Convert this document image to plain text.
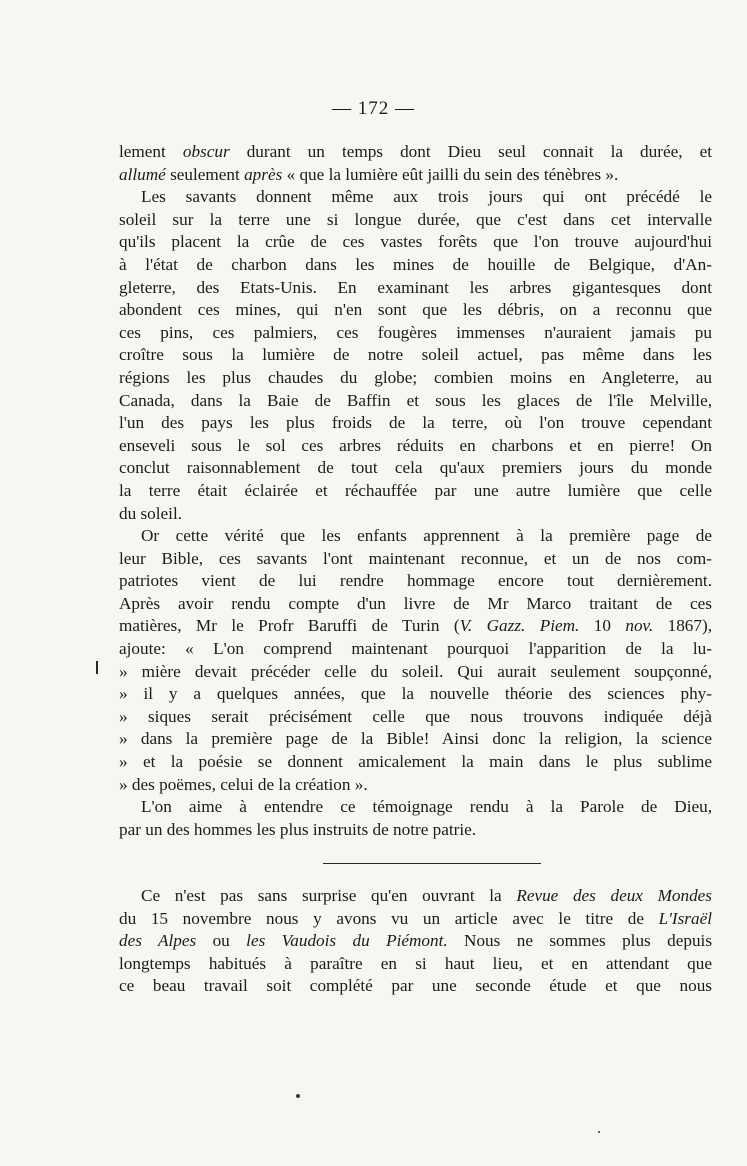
— 172 —

lement obscur durant un temps dont Dieu seul connait la durée, et

allumé seulement après « que la lumière eût jailli du sein des ténèbres ».

Les savants donnent même aux trois jours qui ont précédé le

soleil sur la terre une si longue durée, que c'est dans cet intervalle

qu'ils placent la crûe de ces vastes forêts que l'on trouve aujourd'hui

à l'état de charbon dans les mines de houille de Belgique, d'An-

gleterre, des Etats-Unis. En examinant les arbres gigantesques dont

abondent ces mines, qui n'en sont que les débris, on a reconnu que

ces pins, ces palmiers, ces fougères immenses n'auraient jamais pu

croître sous la lumière de notre soleil actuel, pas même dans les

régions les plus chaudes du globe; combien moins en Angleterre, au

Canada, dans la Baie de Baffin et sous les glaces de l'île Melville,

l'un des pays les plus froids de la terre, où l'on trouve cependant

enseveli sous le sol ces arbres réduits en charbons et en pierre! On

conclut raisonnablement de tout cela qu'aux premiers jours du monde

la terre était éclairée et réchauffée par une autre lumière que celle

du soleil.

Or cette vérité que les enfants apprennent à la première page de

leur Bible, ces savants l'ont maintenant reconnue, et un de nos com-

patriotes vient de lui rendre hommage encore tout dernièrement.

Après avoir rendu compte d'un livre de Mr Marco traitant de ces

matières, Mr le Profr Baruffi de Turin (V. Gazz. Piem. 10 nov. 1867),

ajoute: « L'on comprend maintenant pourquoi l'apparition de la lu-

» mière devait précéder celle du soleil. Qui aurait seulement soupçonné,

» il y a quelques années, que la nouvelle théorie des sciences phy-

» siques serait précisément celle que nous trouvons indiquée déjà

» dans la première page de la Bible! Ainsi donc la religion, la science

» et la poésie se donnent amicalement la main dans le plus sublime

» des poëmes, celui de la création ».

L'on aime à entendre ce témoignage rendu à la Parole de Dieu,

par un des hommes les plus instruits de notre patrie.

Ce n'est pas sans surprise qu'en ouvrant la Revue des deux Mondes

du 15 novembre nous y avons vu un article avec le titre de L'Israël

des Alpes ou les Vaudois du Piémont. Nous ne sommes plus depuis

longtemps habitués à paraître en si haut lieu, et en attendant que

ce beau travail soit complété par une seconde étude et que nous
